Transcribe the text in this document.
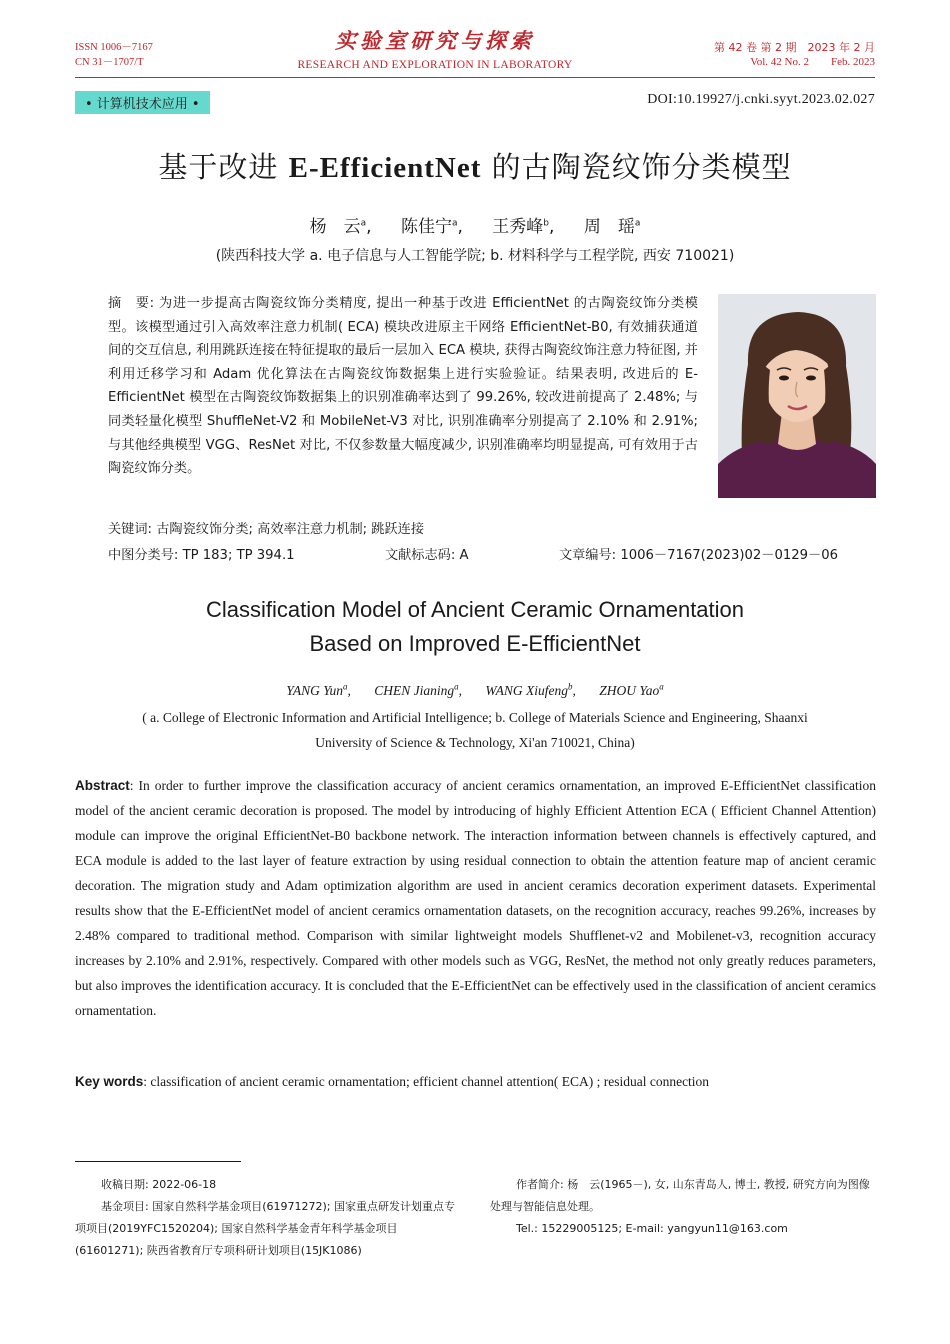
ISSN 1006－7167
CN 31－1707/T
实验室研究与探索
RESEARCH AND EXPLORATION IN LABORATORY
第 42 卷 第 2 期　2023 年 2 月
Vol. 42 No. 2　　Feb. 2023
• 计算机技术应用 •	DOI:10.19927/j.cnki.syyt.2023.02.027
基于改进 E-EfficientNet 的古陶瓷纹饰分类模型
杨　云$^a$, 陈佳宁$^a$, 王秀峰$^b$, 周　瑶$^a$
(陕西科技大学 a. 电子信息与人工智能学院; b. 材料科学与工程学院, 西安 710021)
摘　要: 为进一步提高古陶瓷纹饰分类精度, 提出一种基于改进 EfficientNet 的古陶瓷纹饰分类模型。该模型通过引入高效率注意力机制( ECA) 模块改进原主干网络 EfficientNet-B0, 有效捕获通道间的交互信息, 利用跳跃连接在特征提取的最后一层加入 ECA 模块, 获得古陶瓷纹饰注意力特征图, 并利用迁移学习和 Adam 优化算法在古陶瓷纹饰数据集上进行实验验证。结果表明, 改进后的 E-EfficientNet 模型在古陶瓷纹饰数据集上的识别准确率达到了 99.26%, 较改进前提高了 2.48%; 与同类轻量化模型 ShuffleNet-V2 和 MobileNet-V3 对比, 识别准确率分别提高了 2.10% 和 2.91%; 与其他经典模型 VGG、ResNet 对比, 不仅参数量大幅度减少, 识别准确率均明显提高, 可有效用于古陶瓷纹饰分类。
关键词: 古陶瓷纹饰分类; 高效率注意力机制; 跳跃连接
中图分类号: TP 183; TP 394.1	文献标志码: A	文章编号: 1006－7167(2023)02－0129－06
Classification Model of Ancient Ceramic Ornamentation
Based on Improved E-EfficientNet
YANG Yun$^a$, CHEN Jianing$^a$, WANG Xiufeng$^b$, ZHOU Yao$^a$
( a. College of Electronic Information and Artificial Intelligence; b. College of Materials Science and Engineering, Shaanxi University of Science & Technology, Xi'an 710021, China)
Abstract: In order to further improve the classification accuracy of ancient ceramics ornamentation, an improved E-EfficientNet classification model of the ancient ceramic decoration is proposed. The model by introducing of highly Efficient Attention ECA ( Efficient Channel Attention) module can improve the original EfficientNet-B0 backbone network. The interaction information between channels is effectively captured, and ECA module is added to the last layer of feature extraction by using residual connection to obtain the attention feature map of ancient ceramic decoration. The migration study and Adam optimization algorithm are used in ancient ceramics decoration experiment datasets. Experimental results show that the E-EfficientNet model of ancient ceramics ornamentation datasets, on the recognition accuracy, reaches 99.26%, increases by 2.48% compared to traditional method. Comparison with similar lightweight models Shufflenet-v2 and Mobilenet-v3, recognition accuracy increases by 2.10% and 2.91%, respectively. Compared with other models such as VGG, ResNet, the method not only greatly reduces parameters, but also improves the identification accuracy. It is concluded that the E-EfficientNet can be effectively used in the classification of ancient ceramics ornamentation.
Key words: classification of ancient ceramic ornamentation; efficient channel attention( ECA) ; residual connection
收稿日期: 2022-06-18
基金项目: 国家自然科学基金项目(61971272); 国家重点研发计划重点专项项目(2019YFC1520204); 国家自然科学基金青年科学基金项目(61601271); 陕西省教育厅专项科研计划项目(15JK1086)
作者简介: 杨　云(1965－), 女, 山东青岛人, 博士, 教授, 研究方向为图像处理与智能信息处理。
Tel.: 15229005125; E-mail: yangyun11@163.com
